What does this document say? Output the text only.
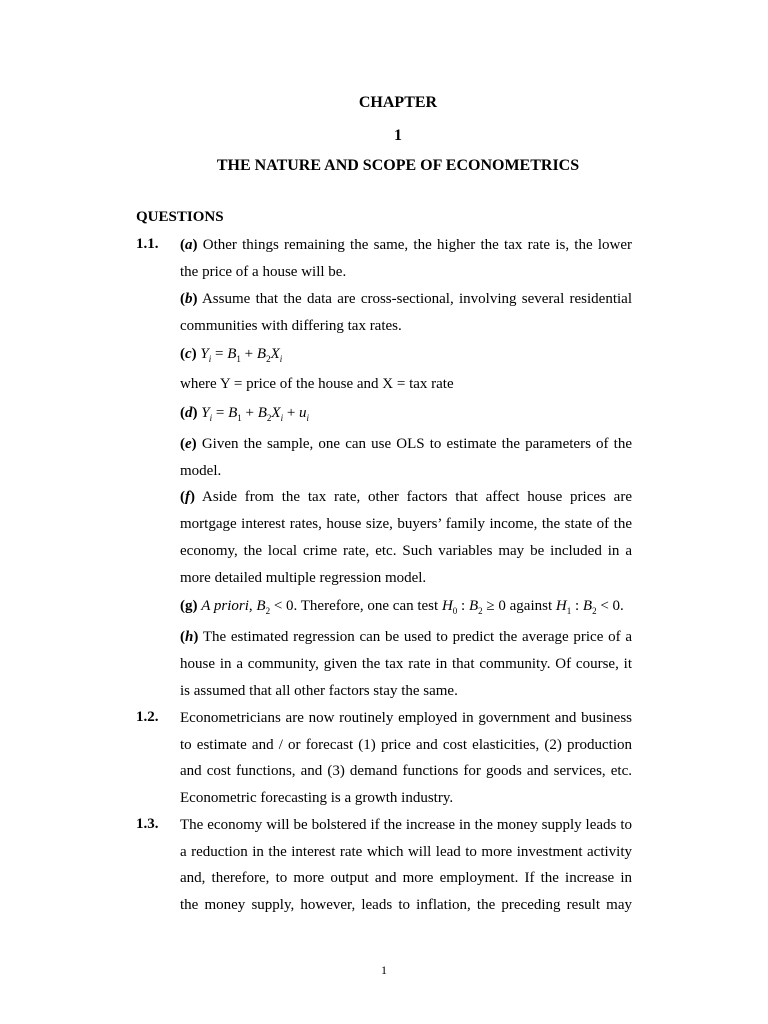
CHAPTER
1
THE NATURE AND SCOPE OF ECONOMETRICS
QUESTIONS
1.1. (a) Other things remaining the same, the higher the tax rate is, the lower
the price of a house will be.
(b) Assume that the data are cross-sectional, involving several residential
communities with differing tax rates.
(c) $Y_i = B_1 + B_2X_i$
where Y = price of the house and X = tax rate
(d) $Y_i = B_1 + B_2X_i + u_i$
(e) Given the sample, one can use OLS to estimate the parameters of the
model.
(f) Aside from the tax rate, other factors that affect house prices are
mortgage interest rates, house size, buyers’ family income, the state of the
economy, the local crime rate, etc. Such variables may be included in a
more detailed multiple regression model.
(g) A priori, $B_2 < 0$. Therefore, one can test $H_0$ : $B_2 \ge 0$ against $H_1$ : $B_2 < 0$.
(h) The estimated regression can be used to predict the average price of a
house in a community, given the tax rate in that community. Of course, it
is assumed that all other factors stay the same.
1.2. Econometricians are now routinely employed in government and business
to estimate and / or forecast (1) price and cost elasticities, (2) production
and cost functions, and (3) demand functions for goods and services, etc.
Econometric forecasting is a growth industry.
1.3. The economy will be bolstered if the increase in the money supply leads to
a reduction in the interest rate which will lead to more investment activity
and, therefore, to more output and more employment. If the increase in
the money supply, however, leads to inflation, the preceding result may
1
